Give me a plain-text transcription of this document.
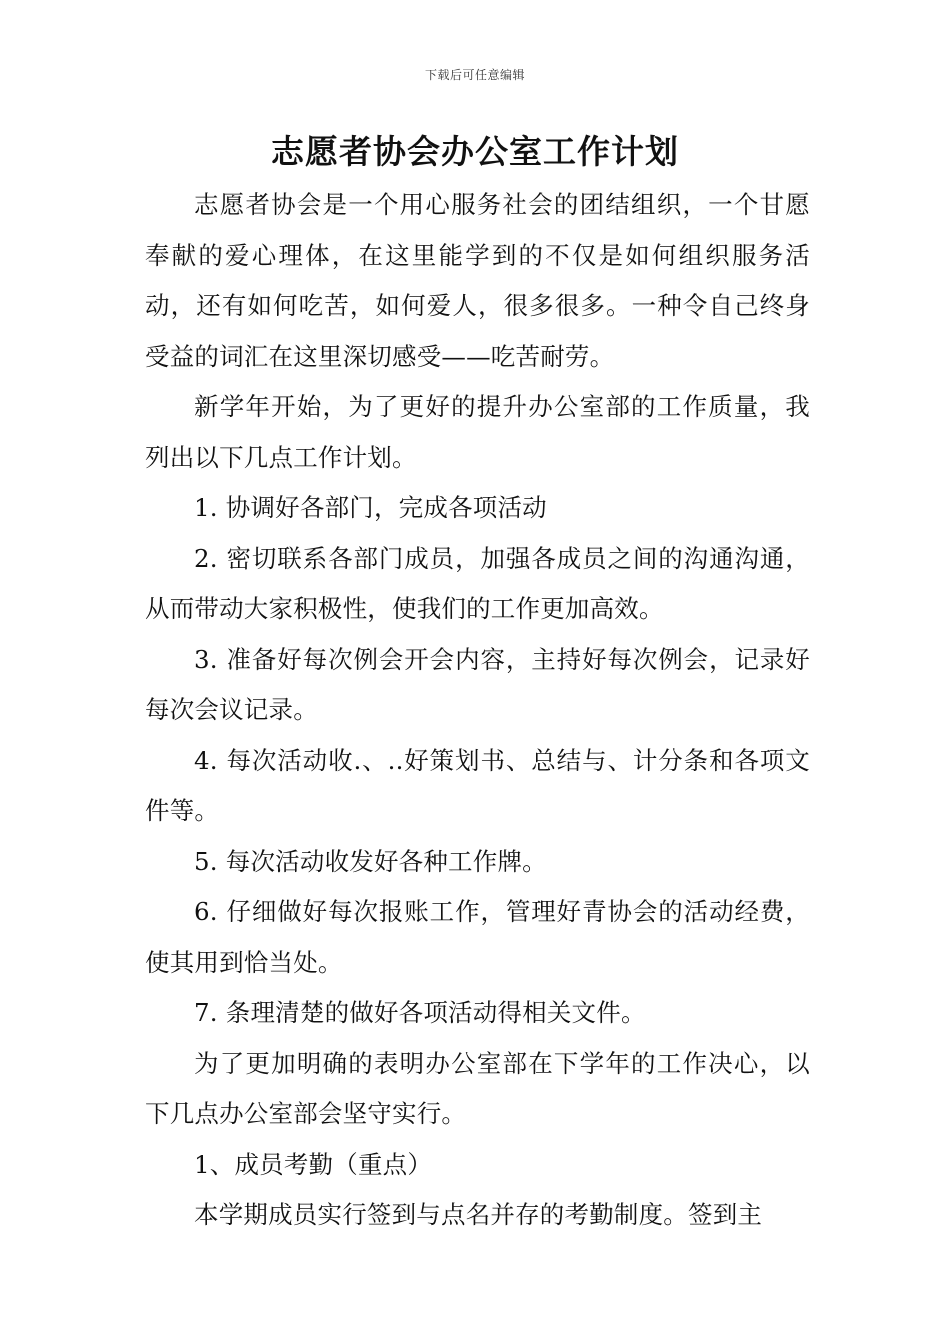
下载后可任意编辑
志愿者协会办公室工作计划

志愿者协会是一个用心服务社会的团结组织，一个甘愿奉献的爱心理体，在这里能学到的不仅是如何组织服务活动，还有如何吃苦，如何爱人，很多很多。一种令自己终身受益的词汇在这里深切感受——吃苦耐劳。

新学年开始，为了更好的提升办公室部的工作质量，我列出以下几点工作计划。

1. 协调好各部门，完成各项活动

2. 密切联系各部门成员，加强各成员之间的沟通沟通，从而带动大家积极性，使我们的工作更加高效。

3. 准备好每次例会开会内容，主持好每次例会，记录好每次会议记录。

4. 每次活动收.、..好策划书、总结与、计分条和各项文件等。

5. 每次活动收发好各种工作牌。

6. 仔细做好每次报账工作，管理好青协会的活动经费，使其用到恰当处。

7. 条理清楚的做好各项活动得相关文件。

为了更加明确的表明办公室部在下学年的工作决心，以下几点办公室部会坚守实行。

1、成员考勤（重点）

本学期成员实行签到与点名并存的考勤制度。签到主
